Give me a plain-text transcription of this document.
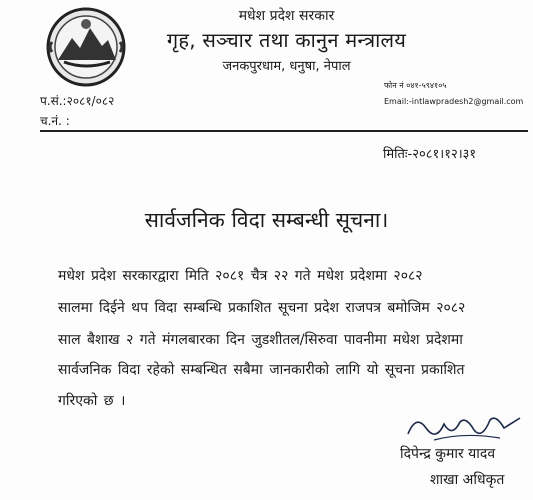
मधेश प्रदेश सरकार
गृह, सञ्चार तथा कानुन मन्त्रालय
जनकपुरधाम, धनुषा, नेपाल
फोन नं ०४१-५९४१०५
Email:-intlawpradesh2@gmail.com
प.सं.:२०८१/०८२
च.नं. :
मितिः-२०८१।१२।३१
सार्वजनिक विदा सम्बन्धी सूचना।
मधेश प्रदेश सरकारद्वारा मिति २०८१ चैत्र २२ गते मधेश प्रदेशमा २०८२
सालमा दिईने थप विदा सम्बन्धि प्रकाशित सूचना प्रदेश राजपत्र बमोजिम २०८२
साल बैशाख २ गते मंगलबारका दिन जुडशीतल/सिरुवा पावनीमा मधेश प्रदेशमा
सार्वजनिक विदा रहेको सम्बन्धित सबैमा जानकारीको लागि यो सूचना प्रकाशित
गरिएको छ ।
दिपेन्द्र कुमार यादव
शाखा अधिकृत
